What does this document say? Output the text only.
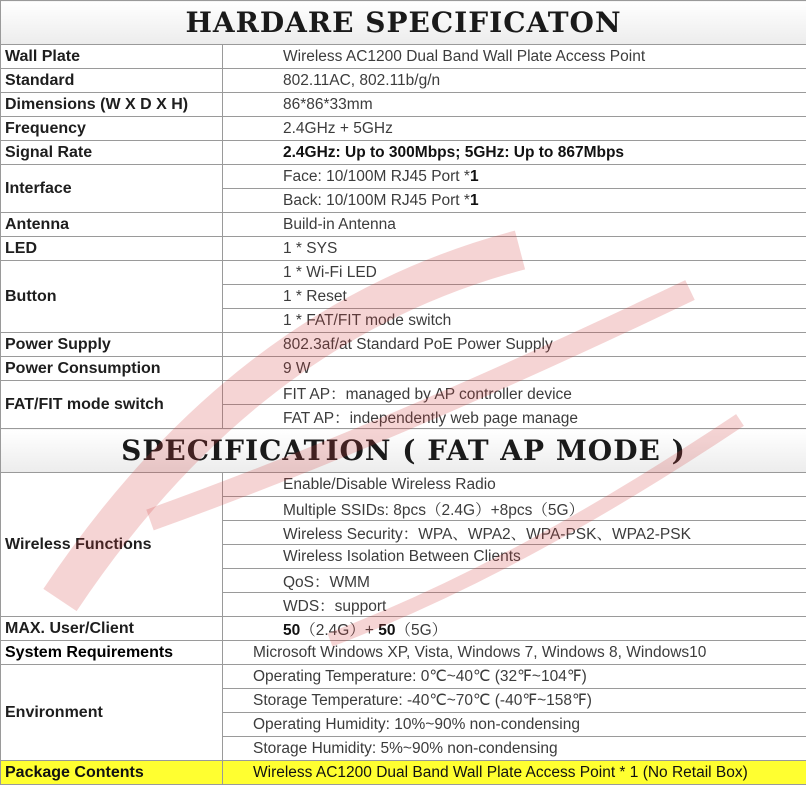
HARDARE SPECIFICATON	
Wall Plate	Wireless AC1200 Dual Band Wall Plate Access Point
Standard	802.11AC, 802.11b/g/n
Dimensions (W X D X H)	86*86*33mm
Frequency	2.4GHz + 5GHz
Signal Rate	2.4GHz: Up to 300Mbps; 5GHz: Up to 867Mbps
Interface	Face: 10/100M RJ45 Port *1
	Back: 10/100M RJ45 Port *1
Antenna	Build-in Antenna
LED	1 * SYS
Button	1 * Wi-Fi LED
	1 * Reset
	1 * FAT/FIT mode switch
Power Supply	802.3af/at Standard PoE Power Supply
Power Consumption	9 W
FAT/FIT mode switch	FIT AP：managed by AP controller device
	FAT AP：independently web page manage
SPECIFICATION ( FAT AP MODE )	
Wireless Functions	Enable/Disable Wireless Radio
	Multiple SSIDs: 8pcs（2.4G）+8pcs（5G）
	Wireless Security：WPA、WPA2、WPA-PSK、WPA2-PSK
	Wireless Isolation Between Clients
	QoS：WMM
	WDS：support
MAX. User/Client	50（2.4G）+ 50（5G）
System Requirements	Microsoft Windows XP, Vista, Windows 7, Windows 8, Windows10
Environment	Operating Temperature: 0℃~40℃ (32℉~104℉)
	Storage Temperature: -40℃~70℃ (-40℉~158℉)
	Operating Humidity: 10%~90% non-condensing
	Storage Humidity: 5%~90% non-condensing
Package Contents	Wireless AC1200 Dual Band Wall Plate Access Point * 1 (No Retail Box)
